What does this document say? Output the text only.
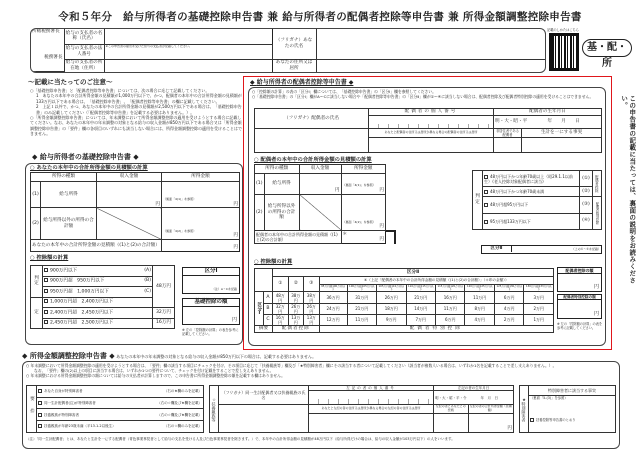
令和５年分　給与所得者の基礎控除申告書 兼 給与所得者の配偶者控除等申告書 兼 所得金額調整控除申告書
所轄税務署長
税務署長	給与の支払者の名称（氏名）		（フリガナ）あなたの氏名	
	給与の支払者の法人番号	※この申告書の提出を受けた給与の支払者が記載してください。		
	給与の支払者の所在地（住所）		あなたの住所又は居所	
記載のしかたはこちら
基・配・所
～記載に当たってのご注意～
○「基礎控除申告書」と「配偶者控除等申告書」については、次の場合に応じて記載してください。
1　あなたの本年中の合計所得金額の見積額が1,000万円以下で、かつ、配偶者の本年中の合計所得金額の見積額が133万円以下である場合は、「基礎控除申告書」、「配偶者控除等申告書」の欄に記載してください。
2　上記１以外で、かつ、あなたの本年中の合計所得金額の見積額が2,500万円以下である場合は、「基礎控除申告書」のみ記載してください（「配偶者控除等申告書」を記載する必要はありません。）。
○「所得金額調整控除申告書」については、年末調整において所得金額調整控除の適用を受けようとする場合に記載してください。なお、あなたの本年中の年末調整の対象となる給与の収入金額が850万円以下である場合又は「所得金額調整控除申告書」の「要件」欄の各項目のいずれにも該当しない場合には、所得金額調整控除の適用を受けることはできません。
◆ 給与所得者の基礎控除申告書 ◆
○ あなたの本年中の合計所得金額の見積額の計算
所得の種類		収入金額	所得金額
(1)	給与所得	円	（裏面「4(1)」を参照）
円
(2)	給与所得以外の所得の合計額		（裏面「4(2)」を参照）
円
あなたの本年中の合計所得金額の見積額（(1)と(2)の合計額）			円
○ 控除額の計算
判定	900万円以下 (A)	48万円
	900万円超　 950万円以下 (B)	

	950万円超　 1,000万円以下 (C)	

定	1,000万円超　 2,400万円以下	
	2,400万円超　 2,450万円以下	32万円
	2,450万円超　 2,500万円以下	16万円
区分Ⅰ
（注）A～Cを記載
基礎控除の額
円
※ 左の「控除額の計算」の表を参考に記載してください。
◆ 給与所得者の配偶者控除等申告書 ◆
○「控除額の計算」の表の「区分Ⅰ」欄については、「基礎控除申告書」の「区分Ⅰ」欄を参照してください。
○「基礎控除申告書」の「区分Ⅰ」欄がA～Cに該当しない場合や「配偶者控除等申告書」の「区分Ⅱ」欄が①～④に該当しない場合は、配偶者控除及び配偶者特別控除の適用を受けることはできません。
（フリガナ）配偶者の氏名	配偶者の個人番号	配偶者の生年月日	

		明・大・昭・平 年　　 月　　 日	
	あなたと配偶者の住所又は居所が異なる場合の配偶者の住所又は居所	非居住者である配偶者	生計を一にする事実

○ 配偶者の本年中の合計所得金額の見積額の計算
所得の種類		収入金額	所得金額
(1)	給与所得	円	（裏面「4(1)」を参照）
円
(2)	給与所得以外の所得の合計額		（裏面「4(2)」を参照）
円
配偶者の本年中の合計所得金額の見積額（(1)と(2)の合計額）			＊
円
判定	48万円以下かつ年齢70歳以上（昭29.1.1以前生）《老人控除対象配偶者に該当》	(①)	配偶者控除
	48万円以下かつ年齢70歳未満	(②)	
	48万円超95万円以下	(③)	配偶者特別控除
	95万円超133万円以下	(④)	
区分Ⅱ	（上の①～④を記載）
○ 控除額の計算
		区分Ⅱ										
		①	②	③	④（上記「配偶者の本年中の合計所得金額の見積額（(1)と(2)の合計額）」（＊印の金額））							
					95万円超100万円以下	100万円超105万円以下	105万円超110万円以下	110万円超115万円以下	115万円超120万円以下	120万円超125万円以下	125万円超130万円以下	130万円超133万円以下
区分Ⅰ	A	48万円	38万円	38万円	36万円	31万円	26万円	21万円	16万円	11万円	6万円	3万円
	B	32万円	26万円	26万円	24万円	21万円	18万円	14万円	11万円	8万円	4万円	2万円
	C	16万円	13万円	13万円	12万円	11万円	9万円	7万円	6万円	4万円	2万円	1万円
摘要		配偶者控除			配偶者特別控除							
配偶者控除の額
円
配偶者特別控除の額
円
※ 左の「控除額の計算」の表を参考に記載してください。
この申告書の記載に当たっては、裏面の説明をお読みください。
◆ 所得金額調整控除申告書 ◆ あなたの本年中の年末調整の対象となる給与の収入金額が850万円以下の場合は、記載する必要はありません。
○ 年末調整において所得金額調整控除の適用を受けようとする場合は、「要件」欄の該当する項目にチェックを付け、その項目に応じて「扶養親族等」欄及び「★特別障害者」欄にその該当する者について記載してください（該当者が複数人いる場合は、いずれか1名を記載することで差し支えありません。）。
なお、「要件」欄の(2)以上の項目に該当する場合は、いずれか1つの要件について、チェックを付け記載をすることで差し支えありません。
○ 年末調整における所得金額調整控除の額については給与の支払者が計算しますので、この申告書に所得金額調整控除の額を記載する欄はありません。
要件	あなた自身が特別障害者	（右の★欄のみを記載）

同一生計配偶者(注)が特別障害者	（右の☆欄及び★欄を記載）

扶養親族が特別障害者	（右の☆欄及び★欄を記載）

扶養親族が年齢23歳未満（平13.1.2以後生）	（右の☆欄のみを記載）
☆扶養親族等	（フリガナ）同一生計配偶者又は扶養親族の氏名	左記の者の個人番号	左記の者の生年月日	

			明・大・昭・平・令 年　 月　 日	
		あなたと左記の者の住所又は居所が異なる場合の左記の者の住所又は居所	左記の者とあなたとの続柄	左記の者の合計所得金額（見積額）
				円
★特別障害者	特別障害者に該当する事実

（裏面「5-(3)」を参照）
扶養控除等申告書のとおり
（注）「同一生計配偶者」とは、あなたと生計を一にする配偶者（青色事業専従者として給与の支払を受ける人及び白色事業専従者を除きます。）で、本年中の合計所得金額の見積額が48万円以下（給与所得だけの場合は、給与の収入金額が103万円以下）の人をいいます。
